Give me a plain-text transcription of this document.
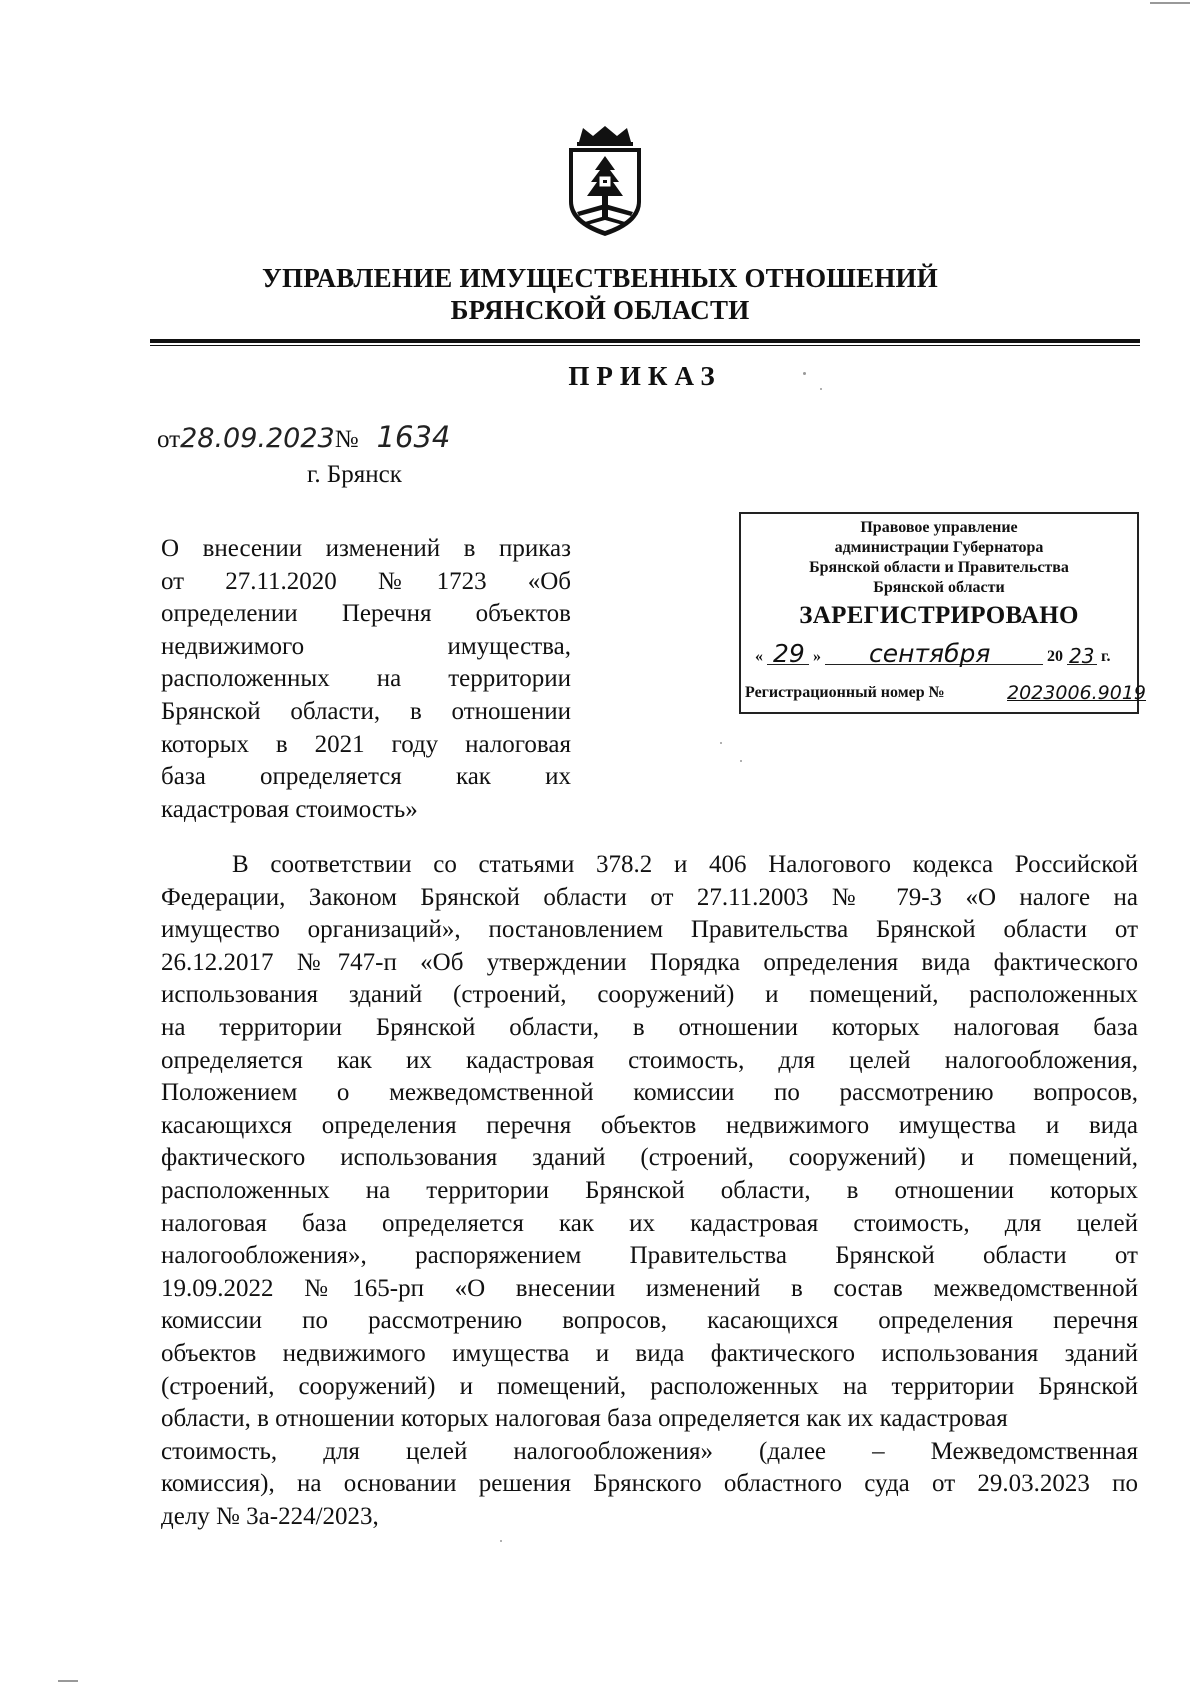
УПРАВЛЕНИЕ ИМУЩЕСТВЕННЫХ ОТНОШЕНИЙ
БРЯНСКОЙ ОБЛАСТИ
ПРИКАЗ
от28.09.2023№ 1634
г. Брянск
О внесении изменений в приказ
от 27.11.2020 №1723 «Об
определении Перечня объектов
недвижимого имущества,
расположенных на территории
Брянской области, в отношении
которых в 2021 году налоговая
база определяется как их
кадастровая стоимость»
Правовое управление
администрации Губернатора
Брянской области и Правительства
Брянской области
ЗАРЕГИСТРИРОВАНО
« 29 » сентября	20 23 г.
Регистрационный номер №	2023006.9019
В соответствии со статьями 378.2 и 406 Налогового кодекса Российской
Федерации, Законом Брянской области от 27.11.2003 № 79-З «О налоге на
имущество организаций», постановлением Правительства Брянской области от
26.12.2017 №747-п «Об утверждении Порядка определения вида фактического
использования зданий (строений, сооружений) и помещений, расположенных
на территории Брянской области, в отношении которых налоговая база
определяется как их кадастровая стоимость, для целей налогообложения,
Положением о межведомственной комиссии по рассмотрению вопросов,
касающихся определения перечня объектов недвижимого имущества и вида
фактического использования зданий (строений, сооружений) и помещений,
расположенных на территории Брянской области, в отношении которых
налоговая база определяется как их кадастровая стоимость, для целей
налогообложения», распоряжением Правительства Брянской области от
19.09.2022 №165-рп «О внесении изменений в состав межведомственной
комиссии по рассмотрению вопросов, касающихся определения перечня
объектов недвижимого имущества и вида фактического использования зданий
(строений, сооружений) и помещений, расположенных на территории Брянской
области, в отношении которых налоговая база определяется как их кадастровая
стоимость, для целей налогообложения» (далее – Межведомственная
комиссия), на основании решения Брянского областного суда от 29.03.2023 по
делу № 3а-224/2023,
